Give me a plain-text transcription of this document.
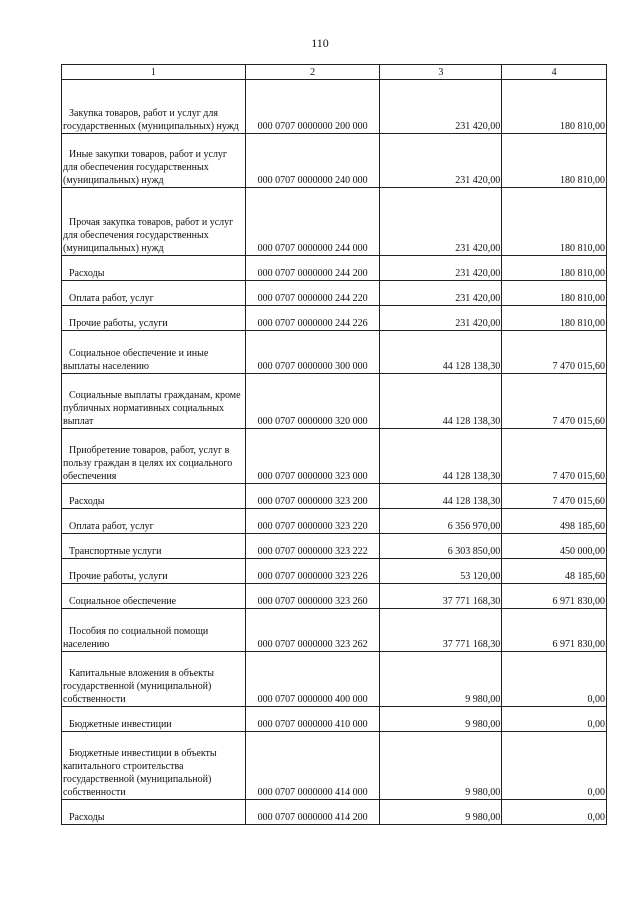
110
1	2	3	4
Закупка товаров, работ и услуг для государственных (муниципальных) нужд	000 0707 0000000 200 000	231 420,00	180 810,00
Иные закупки товаров, работ и услуг для обеспечения государственных (муниципальных) нужд	000 0707 0000000 240 000	231 420,00	180 810,00
Прочая закупка товаров, работ и услуг для обеспечения государственных (муниципальных) нужд	000 0707 0000000 244 000	231 420,00	180 810,00
Расходы	000 0707 0000000 244 200	231 420,00	180 810,00
Оплата работ, услуг	000 0707 0000000 244 220	231 420,00	180 810,00
Прочие работы, услуги	000 0707 0000000 244 226	231 420,00	180 810,00
Социальное обеспечение и иные выплаты населению	000 0707 0000000 300 000	44 128 138,30	7 470 015,60
Социальные выплаты гражданам, кроме публичных нормативных социальных выплат	000 0707 0000000 320 000	44 128 138,30	7 470 015,60
Приобретение товаров, работ, услуг в пользу граждан в целях их социального обеспечения	000 0707 0000000 323 000	44 128 138,30	7 470 015,60
Расходы	000 0707 0000000 323 200	44 128 138,30	7 470 015,60
Оплата работ, услуг	000 0707 0000000 323 220	6 356 970,00	498 185,60
Транспортные услуги	000 0707 0000000 323 222	6 303 850,00	450 000,00
Прочие работы, услуги	000 0707 0000000 323 226	53 120,00	48 185,60
Социальное обеспечение	000 0707 0000000 323 260	37 771 168,30	6 971 830,00
Пособия по социальной помощи населению	000 0707 0000000 323 262	37 771 168,30	6 971 830,00
Капитальные вложения в объекты государственной (муниципальной) собственности	000 0707 0000000 400 000	9 980,00	0,00
Бюджетные инвестиции	000 0707 0000000 410 000	9 980,00	0,00
Бюджетные инвестиции в объекты капитального строительства государственной (муниципальной) собственности	000 0707 0000000 414 000	9 980,00	0,00
Расходы	000 0707 0000000 414 200	9 980,00	0,00
